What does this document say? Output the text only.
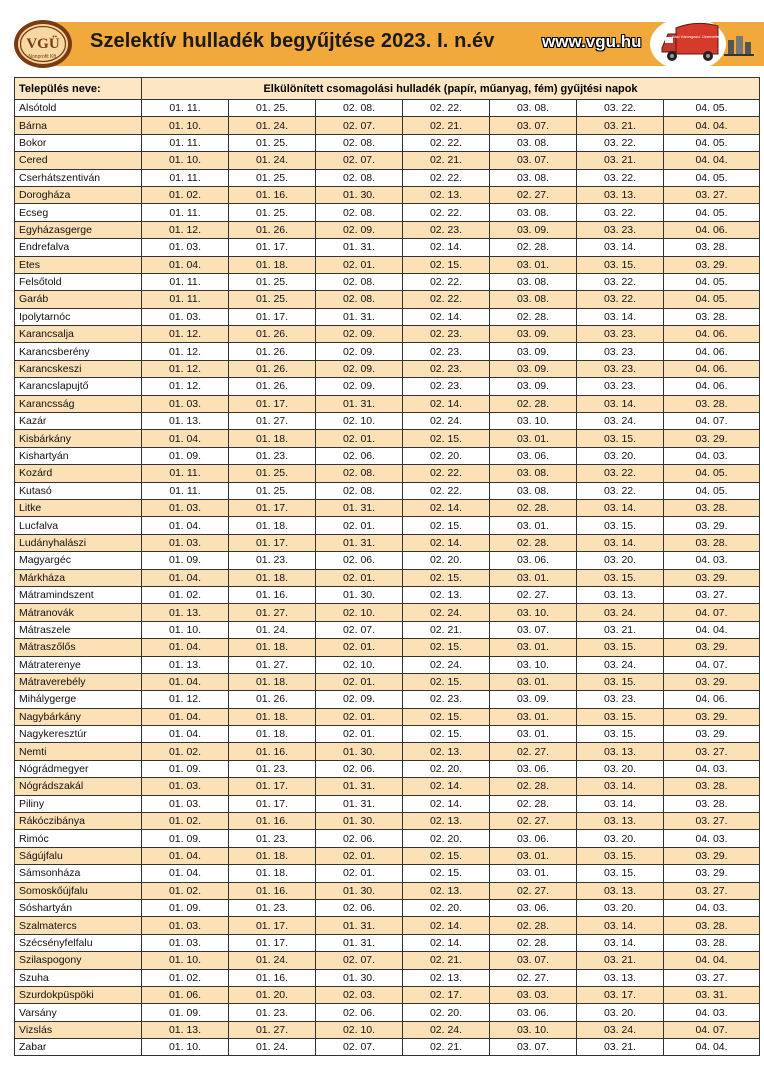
VGÜ
Nonprofit Kft.
Szelektív hulladék begyűjtése 2023. I. n.év	www.vgu.hu	Váci Városgazd. Üzemeltető
Település neve:	Elkülönített csomagolási hulladék (papír, műanyag, fém) gyűjtési napok						
Alsótold	01. 11.	01. 25.	02. 08.	02. 22.	03. 08.	03. 22.	04. 05.
Bárna	01. 10.	01. 24.	02. 07.	02. 21.	03. 07.	03. 21.	04. 04.
Bokor	01. 11.	01. 25.	02. 08.	02. 22.	03. 08.	03. 22.	04. 05.
Cered	01. 10.	01. 24.	02. 07.	02. 21.	03. 07.	03. 21.	04. 04.
Cserhátszentiván	01. 11.	01. 25.	02. 08.	02. 22.	03. 08.	03. 22.	04. 05.
Dorogháza	01. 02.	01. 16.	01. 30.	02. 13.	02. 27.	03. 13.	03. 27.
Ecseg	01. 11.	01. 25.	02. 08.	02. 22.	03. 08.	03. 22.	04. 05.
Egyházasgerge	01. 12.	01. 26.	02. 09.	02. 23.	03. 09.	03. 23.	04. 06.
Endrefalva	01. 03.	01. 17.	01. 31.	02. 14.	02. 28.	03. 14.	03. 28.
Etes	01. 04.	01. 18.	02. 01.	02. 15.	03. 01.	03. 15.	03. 29.
Felsőtold	01. 11.	01. 25.	02. 08.	02. 22.	03. 08.	03. 22.	04. 05.
Garáb	01. 11.	01. 25.	02. 08.	02. 22.	03. 08.	03. 22.	04. 05.
Ipolytarnóc	01. 03.	01. 17.	01. 31.	02. 14.	02. 28.	03. 14.	03. 28.
Karancsalja	01. 12.	01. 26.	02. 09.	02. 23.	03. 09.	03. 23.	04. 06.
Karancsberény	01. 12.	01. 26.	02. 09.	02. 23.	03. 09.	03. 23.	04. 06.
Karancskeszi	01. 12.	01. 26.	02. 09.	02. 23.	03. 09.	03. 23.	04. 06.
Karancslapujtő	01. 12.	01. 26.	02. 09.	02. 23.	03. 09.	03. 23.	04. 06.
Karancsság	01. 03.	01. 17.	01. 31.	02. 14.	02. 28.	03. 14.	03. 28.
Kazár	01. 13.	01. 27.	02. 10.	02. 24.	03. 10.	03. 24.	04. 07.
Kisbárkány	01. 04.	01. 18.	02. 01.	02. 15.	03. 01.	03. 15.	03. 29.
Kishartyán	01. 09.	01. 23.	02. 06.	02. 20.	03. 06.	03. 20.	04. 03.
Kozárd	01. 11.	01. 25.	02. 08.	02. 22.	03. 08.	03. 22.	04. 05.
Kutasó	01. 11.	01. 25.	02. 08.	02. 22.	03. 08.	03. 22.	04. 05.
Litke	01. 03.	01. 17.	01. 31.	02. 14.	02. 28.	03. 14.	03. 28.
Lucfalva	01. 04.	01. 18.	02. 01.	02. 15.	03. 01.	03. 15.	03. 29.
Ludányhalászi	01. 03.	01. 17.	01. 31.	02. 14.	02. 28.	03. 14.	03. 28.
Magyargéc	01. 09.	01. 23.	02. 06.	02. 20.	03. 06.	03. 20.	04. 03.
Márkháza	01. 04.	01. 18.	02. 01.	02. 15.	03. 01.	03. 15.	03. 29.
Mátramindszent	01. 02.	01. 16.	01. 30.	02. 13.	02. 27.	03. 13.	03. 27.
Mátranovák	01. 13.	01. 27.	02. 10.	02. 24.	03. 10.	03. 24.	04. 07.
Mátraszele	01. 10.	01. 24.	02. 07.	02. 21.	03. 07.	03. 21.	04. 04.
Mátraszőlős	01. 04.	01. 18.	02. 01.	02. 15.	03. 01.	03. 15.	03. 29.
Mátraterenye	01. 13.	01. 27.	02. 10.	02. 24.	03. 10.	03. 24.	04. 07.
Mátraverebély	01. 04.	01. 18.	02. 01.	02. 15.	03. 01.	03. 15.	03. 29.
Mihálygerge	01. 12.	01. 26.	02. 09.	02. 23.	03. 09.	03. 23.	04. 06.
Nagybárkány	01. 04.	01. 18.	02. 01.	02. 15.	03. 01.	03. 15.	03. 29.
Nagykeresztúr	01. 04.	01. 18.	02. 01.	02. 15.	03. 01.	03. 15.	03. 29.
Nemti	01. 02.	01. 16.	01. 30.	02. 13.	02. 27.	03. 13.	03. 27.
Nógrádmegyer	01. 09.	01. 23.	02. 06.	02. 20.	03. 06.	03. 20.	04. 03.
Nógrádszakál	01. 03.	01. 17.	01. 31.	02. 14.	02. 28.	03. 14.	03. 28.
Piliny	01. 03.	01. 17.	01. 31.	02. 14.	02. 28.	03. 14.	03. 28.
Rákóczibánya	01. 02.	01. 16.	01. 30.	02. 13.	02. 27.	03. 13.	03. 27.
Rimóc	01. 09.	01. 23.	02. 06.	02. 20.	03. 06.	03. 20.	04. 03.
Ságújfalu	01. 04.	01. 18.	02. 01.	02. 15.	03. 01.	03. 15.	03. 29.
Sámsonháza	01. 04.	01. 18.	02. 01.	02. 15.	03. 01.	03. 15.	03. 29.
Somoskőújfalu	01. 02.	01. 16.	01. 30.	02. 13.	02. 27.	03. 13.	03. 27.
Sóshartyán	01. 09.	01. 23.	02. 06.	02. 20.	03. 06.	03. 20.	04. 03.
Szalmatercs	01. 03.	01. 17.	01. 31.	02. 14.	02. 28.	03. 14.	03. 28.
Szécsényfelfalu	01. 03.	01. 17.	01. 31.	02. 14.	02. 28.	03. 14.	03. 28.
Szilaspogony	01. 10.	01. 24.	02. 07.	02. 21.	03. 07.	03. 21.	04. 04.
Szuha	01. 02.	01. 16.	01. 30.	02. 13.	02. 27.	03. 13.	03. 27.
Szurdokpüspöki	01. 06.	01. 20.	02. 03.	02. 17.	03. 03.	03. 17.	03. 31.
Varsány	01. 09.	01. 23.	02. 06.	02. 20.	03. 06.	03. 20.	04. 03.
Vizslás	01. 13.	01. 27.	02. 10.	02. 24.	03. 10.	03. 24.	04. 07.
Zabar	01. 10.	01. 24.	02. 07.	02. 21.	03. 07.	03. 21.	04. 04.
